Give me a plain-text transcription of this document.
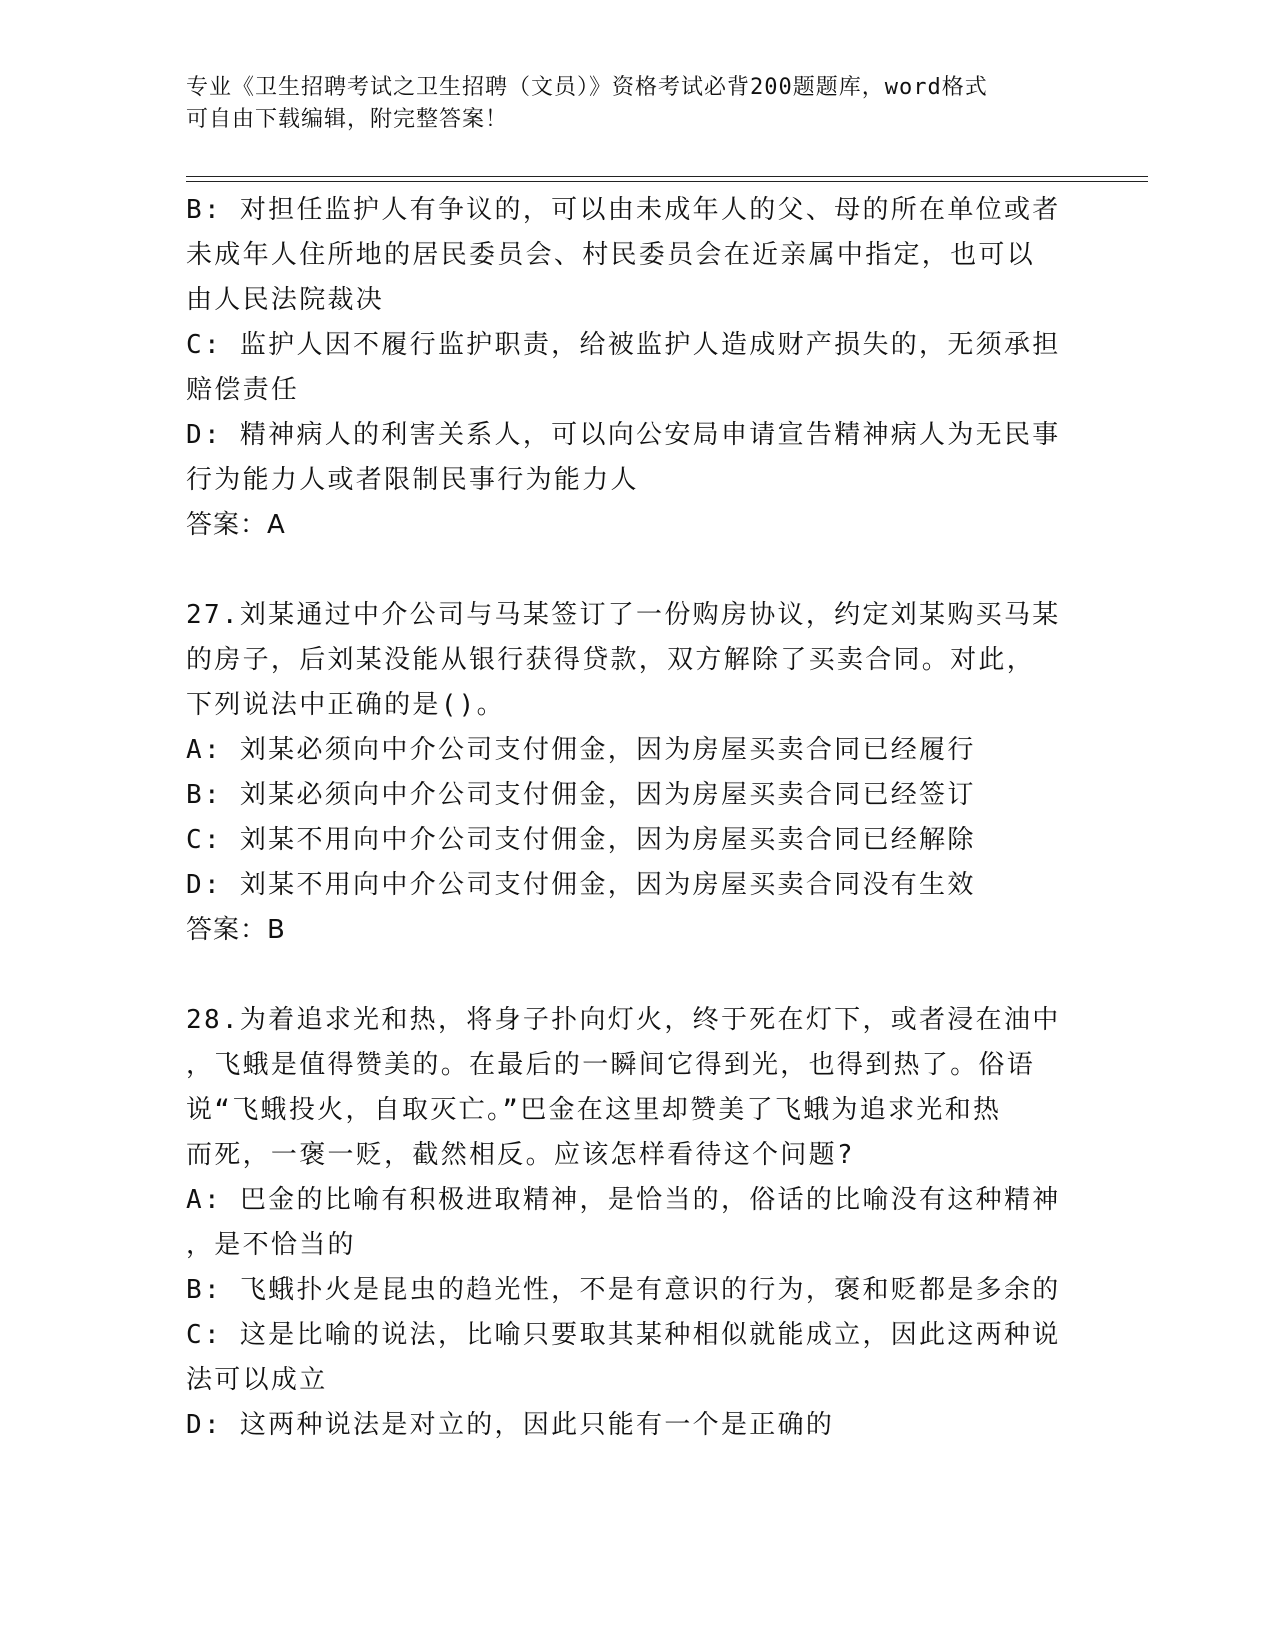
专业《卫生招聘考试之卫生招聘（文员）》资格考试必背200题题库，word格式
可自由下载编辑，附完整答案！
B: 对担任监护人有争议的，可以由未成年人的父、母的所在单位或者
未成年人住所地的居民委员会、村民委员会在近亲属中指定，也可以
由人民法院裁决
C: 监护人因不履行监护职责，给被监护人造成财产损失的，无须承担
赔偿责任
D: 精神病人的利害关系人，可以向公安局申请宣告精神病人为无民事
行为能力人或者限制民事行为能力人
答案：A
27.刘某通过中介公司与马某签订了一份购房协议，约定刘某购买马某
的房子，后刘某没能从银行获得贷款，双方解除了买卖合同。对此，
下列说法中正确的是()。
A: 刘某必须向中介公司支付佣金，因为房屋买卖合同已经履行
B: 刘某必须向中介公司支付佣金，因为房屋买卖合同已经签订
C: 刘某不用向中介公司支付佣金，因为房屋买卖合同已经解除
D: 刘某不用向中介公司支付佣金，因为房屋买卖合同没有生效
答案：B
28.为着追求光和热，将身子扑向灯火，终于死在灯下，或者浸在油中
，飞蛾是值得赞美的。在最后的一瞬间它得到光，也得到热了。俗语
说“飞蛾投火，自取灭亡。”巴金在这里却赞美了飞蛾为追求光和热
而死，一褒一贬，截然相反。应该怎样看待这个问题?
A: 巴金的比喻有积极进取精神，是恰当的，俗话的比喻没有这种精神
，是不恰当的
B: 飞蛾扑火是昆虫的趋光性，不是有意识的行为，褒和贬都是多余的
C: 这是比喻的说法，比喻只要取其某种相似就能成立，因此这两种说
法可以成立
D: 这两种说法是对立的，因此只能有一个是正确的
